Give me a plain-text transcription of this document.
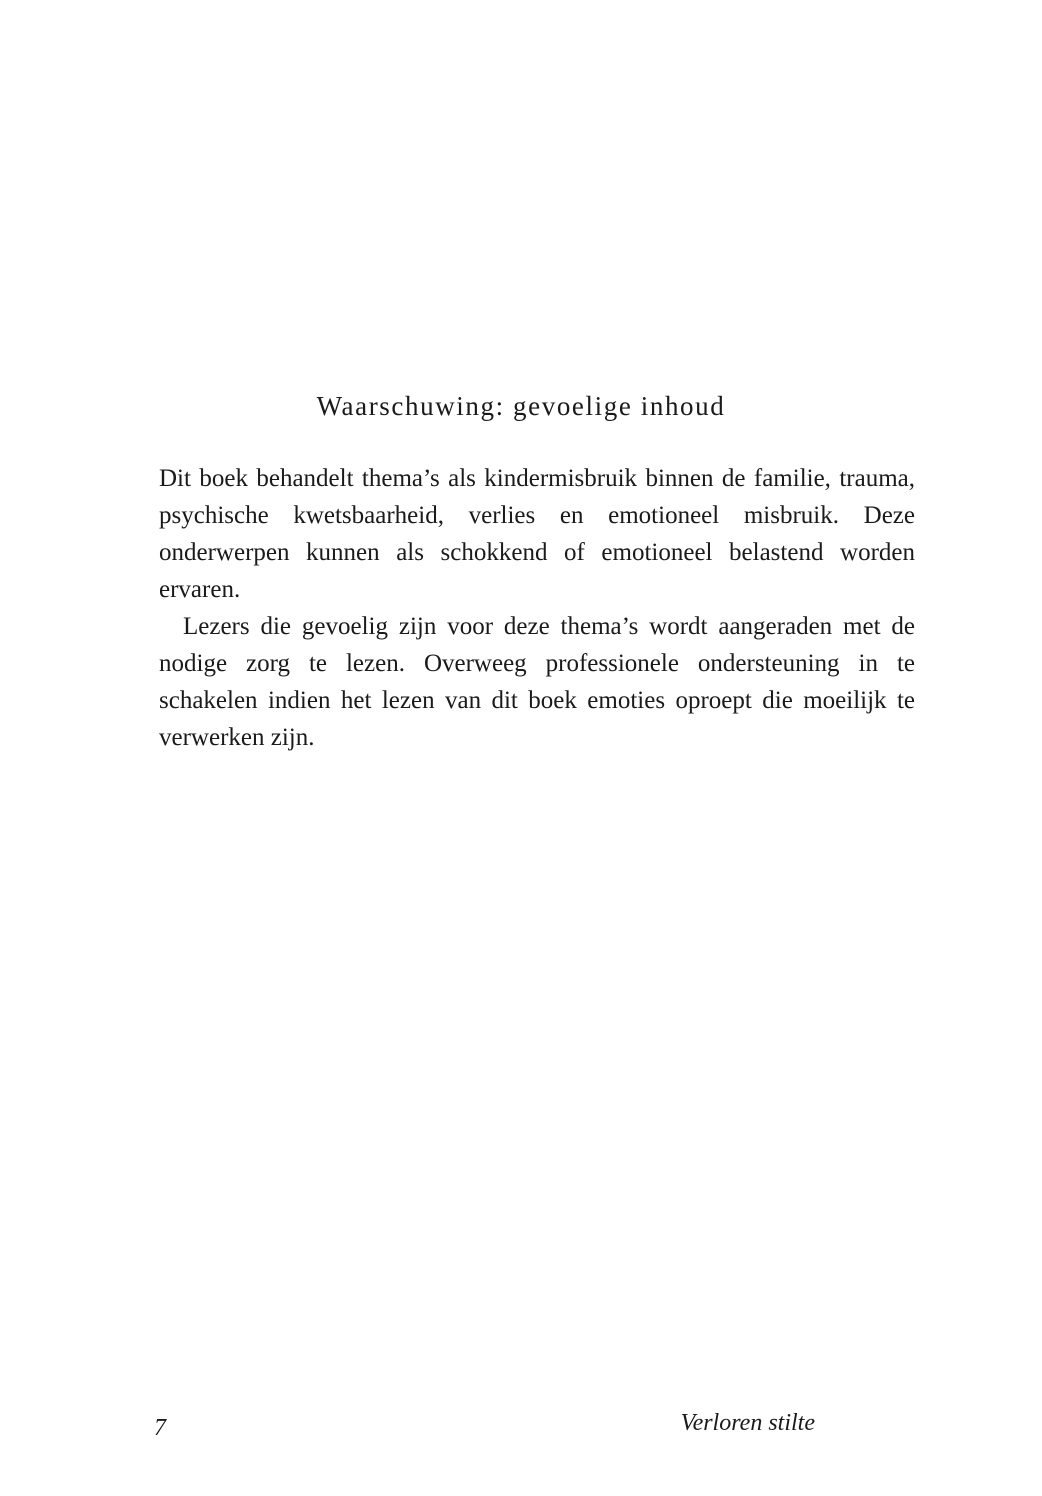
Waarschuwing: gevoelige inhoud

Dit boek behandelt thema’s als kindermisbruik binnen de familie, trauma, psychische kwetsbaarheid, verlies en emotioneel misbruik. Deze onderwerpen kunnen als schokkend of emotioneel belastend worden ervaren.

Lezers die gevoelig zijn voor deze thema’s wordt aangeraden met de nodige zorg te lezen. Overweeg professionele ondersteuning in te schakelen indien het lezen van dit boek emoties oproept die moeilijk te verwerken zijn.

7	Verloren stilte
